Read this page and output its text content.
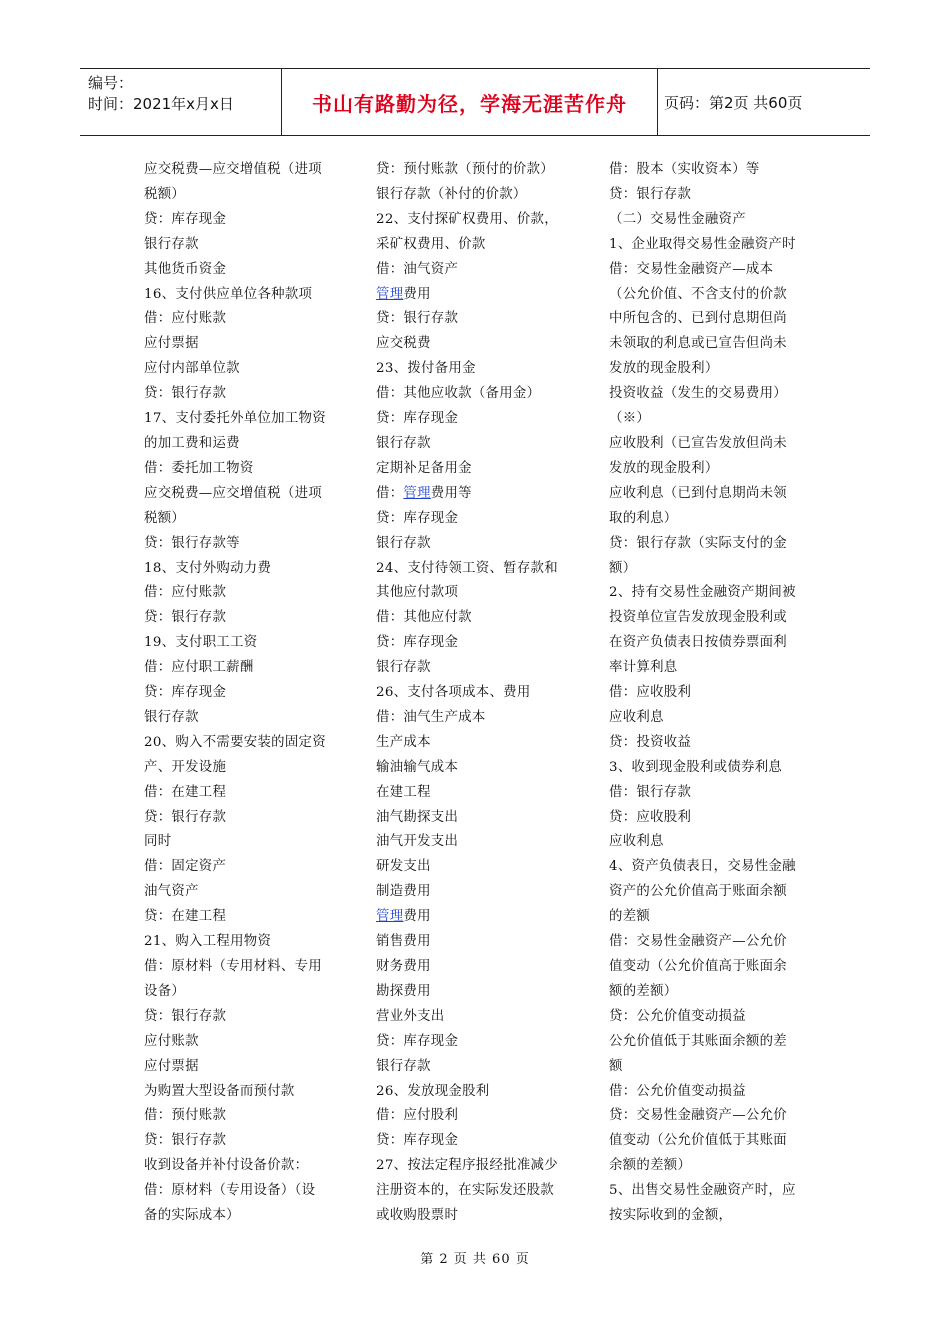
编号：
时间：2021年x月x日	书山有路勤为径，学海无涯苦作舟 页码：第2页 共60页
应交税费—应交增值税（进项
税额）
贷：库存现金
银行存款
其他货币资金
16、支付供应单位各种款项
借：应付账款
应付票据
应付内部单位款
贷：银行存款
17、支付委托外单位加工物资
的加工费和运费
借：委托加工物资
应交税费—应交增值税（进项
税额）
贷：银行存款等
18、支付外购动力费
借：应付账款
贷：银行存款
19、支付职工工资
借：应付职工薪酬
贷：库存现金
银行存款
20、购入不需要安装的固定资
产、开发设施
借：在建工程
贷：银行存款
同时
借：固定资产
油气资产
贷：在建工程
21、购入工程用物资
借：原材料（专用材料、专用
设备）
贷：银行存款
应付账款
应付票据
为购置大型设备而预付款
借：预付账款
贷：银行存款
收到设备并补付设备价款：
借：原材料（专用设备）（设
备的实际成本）
贷：预付账款（预付的价款）
银行存款（补付的价款）
22、支付探矿权费用、价款，
采矿权费用、价款
借：油气资产
管理费用
贷：银行存款
应交税费
23、拨付备用金
借：其他应收款（备用金）
贷：库存现金
银行存款
定期补足备用金
借：管理费用等
贷：库存现金
银行存款
24、支付待领工资、暂存款和
其他应付款项
借：其他应付款
贷：库存现金
银行存款
26、支付各项成本、费用
借：油气生产成本
生产成本
输油输气成本
在建工程
油气勘探支出
油气开发支出
研发支出
制造费用
管理费用
销售费用
财务费用
勘探费用
营业外支出
贷：库存现金
银行存款
26、发放现金股利
借：应付股利
贷：库存现金
27、按法定程序报经批准减少
注册资本的，在实际发还股款
或收购股票时
借：股本（实收资本）等
贷：银行存款
（二）交易性金融资产
1、企业取得交易性金融资产时
借：交易性金融资产—成本
（公允价值、不含支付的价款
中所包含的、已到付息期但尚
未领取的利息或已宣告但尚未
发放的现金股利）
投资收益（发生的交易费用）
（※）
应收股利（已宣告发放但尚未
发放的现金股利）
应收利息（已到付息期尚未领
取的利息）
贷：银行存款（实际支付的金
额）
2、持有交易性金融资产期间被
投资单位宣告发放现金股利或
在资产负债表日按债券票面利
率计算利息
借：应收股利
应收利息
贷：投资收益
3、收到现金股利或债券利息
借：银行存款
贷：应收股利
应收利息
4、资产负债表日，交易性金融
资产的公允价值高于账面余额
的差额
借：交易性金融资产—公允价
值变动（公允价值高于账面余
额的差额）
贷：公允价值变动损益
公允价值低于其账面余额的差
额
借：公允价值变动损益
贷：交易性金融资产—公允价
值变动（公允价值低于其账面
余额的差额）
5、出售交易性金融资产时，应
按实际收到的金额，
第 2 页 共 60 页
